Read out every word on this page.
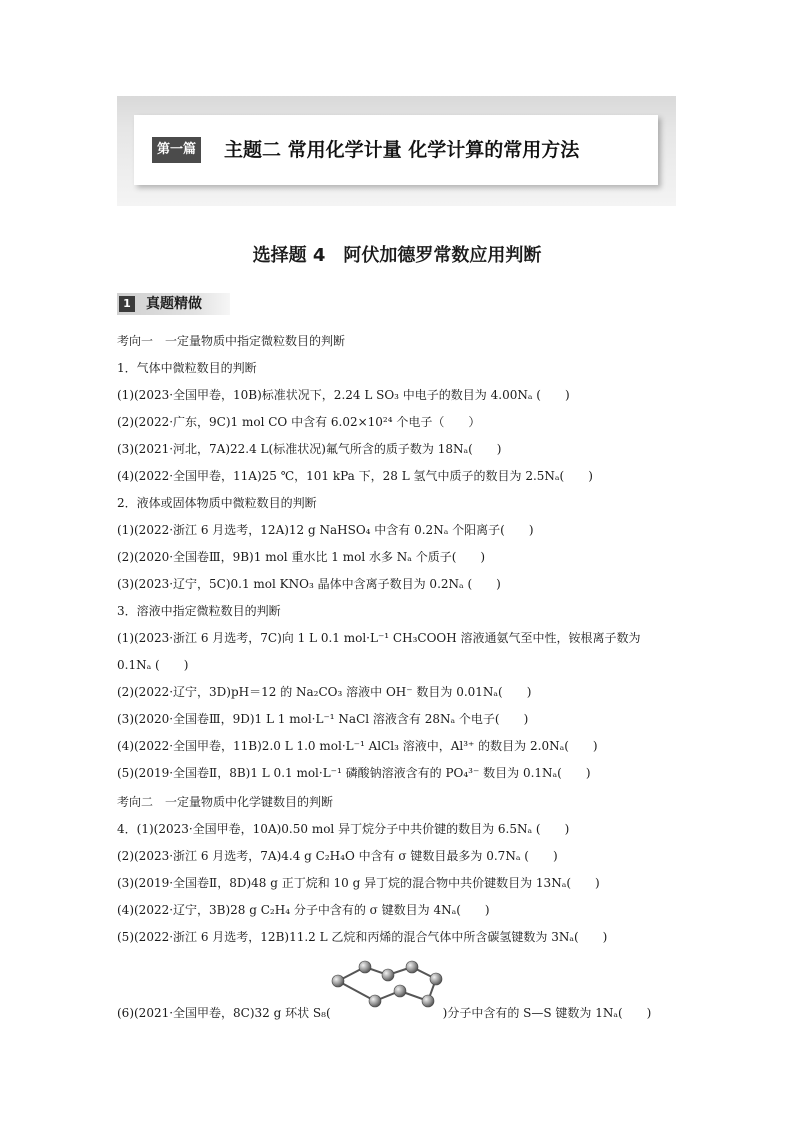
第一篇 主题二 常用化学计量 化学计算的常用方法
选择题 4　阿伏加德罗常数应用判断
1 真题精做
考向一　一定量物质中指定微粒数目的判断
1．气体中微粒数目的判断
(1)(2023·全国甲卷，10B)标准状况下，2.24 L SO₃ 中电子的数目为 4.00Nₐ (　　)
(2)(2022·广东，9C)1 mol CO 中含有 6.02×10²⁴ 个电子（　　）
(3)(2021·河北，7A)22.4 L(标准状况)氟气所含的质子数为 18Nₐ(　　)
(4)(2022·全国甲卷，11A)25 ℃，101 kPa 下，28 L 氢气中质子的数目为 2.5Nₐ(　　)
2．液体或固体物质中微粒数目的判断
(1)(2022·浙江 6 月选考，12A)12 g NaHSO₄ 中含有 0.2Nₐ 个阳离子(　　)
(2)(2020·全国卷Ⅲ，9B)1 mol 重水比 1 mol 水多 Nₐ 个质子(　　)
(3)(2023·辽宁，5C)0.1 mol KNO₃ 晶体中含离子数目为 0.2Nₐ (　　)
3．溶液中指定微粒数目的判断
(1)(2023·浙江 6 月选考，7C)向 1 L 0.1 mol·L⁻¹ CH₃COOH 溶液通氨气至中性，铵根离子数为
0.1Nₐ (　　)
(2)(2022·辽宁，3D)pH＝12 的 Na₂CO₃ 溶液中 OH⁻ 数目为 0.01Nₐ(　　)
(3)(2020·全国卷Ⅲ，9D)1 L 1 mol·L⁻¹ NaCl 溶液含有 28Nₐ 个电子(　　)
(4)(2022·全国甲卷，11B)2.0 L 1.0 mol·L⁻¹ AlCl₃ 溶液中，Al³⁺ 的数目为 2.0Nₐ(　　)
(5)(2019·全国卷Ⅱ，8B)1 L 0.1 mol·L⁻¹ 磷酸钠溶液含有的 PO₄³⁻ 数目为 0.1Nₐ(　　)
考向二　一定量物质中化学键数目的判断
4．(1)(2023·全国甲卷，10A)0.50 mol 异丁烷分子中共价键的数目为 6.5Nₐ (　　)
(2)(2023·浙江 6 月选考，7A)4.4 g C₂H₄O 中含有 σ 键数目最多为 0.7Nₐ (　　)
(3)(2019·全国卷Ⅱ，8D)48 g 正丁烷和 10 g 异丁烷的混合物中共价键数目为 13Nₐ(　　)
(4)(2022·辽宁，3B)28 g C₂H₄ 分子中含有的 σ 键数目为 4Nₐ(　　)
(5)(2022·浙江 6 月选考，12B)11.2 L 乙烷和丙烯的混合气体中所含碳氢键数为 3Nₐ(　　)
(6)(2021·全国甲卷，8C)32 g 环状 S₈(	)分子中含有的 S—S 键数为 1Nₐ(　　)
